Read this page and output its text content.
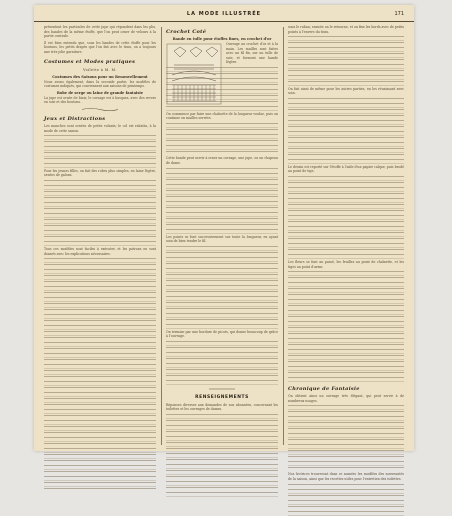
LA MODE ILLUSTRÉE	171

présentent les particules de cette jupe qui répondent dans les plis, des bandes de la même étoffe, que l'on peut orner de velours à la partie centrale.

Il est bien entendu que, sous les bandes de cette étoffe pour les boutons, les petits drapés que l'on fait avec le tissu, on a toujours une très jolie garniture.

Costumes et Modes pratiques
Voilette à M. M.
Costumes des Saisons pour un Renouvellement

Nous avons également, dans la seconde partie, les modèles de costumes indiqués, qui conviennent aux saisons de printemps.

Robe de serge ou laine de grande fantaisie

La jupe est ornée de biais; le corsage est à basques, avec des revers en soie et des boutons.

Jeux et Distractions

Les manches sont ornées de petits volants; le col est rabattu, à la mode de cette saison.

Pour les jeunes filles, on fait des robes plus simples, en laine légère, ornées de galons.

Tous ces modèles sont faciles à exécuter, et les patrons en sont donnés avec les explications nécessaires.

Crochet Coté
Bande en tulle pour étoffes fines, en crochet d'or

Ouvrage au crochet d'or et à la main. Les mailles sont faites avec un fil fin, sur un tulle de soie, et forment une bande légère.

On commence par faire une chaînette de la longueur voulue, puis on continue en mailles serrées.

Cette bande peut servir à orner un corsage, une jupe, ou un chapeau de dame.

Les points se font successivement sur toute la longueur, en ayant soin de bien tendre le fil.

On termine par une bordure de picots, qui donne beaucoup de grâce à l'ouvrage.

RENSEIGNEMENTS

Réponses diverses aux demandes de nos abonnées, concernant les toilettes et les ouvrages de dames.

sous le ruban; ensuite on le retourne, et on fixe les bords avec de petits points à l'envers du tissu.

On fait ainsi de même pour les autres parties, en les réunissant avec soin.

Le dessin est reporté sur l'étoffe à l'aide d'un papier calque, puis brodé au point de tige.

Les fleurs se font au passé, les feuilles au point de chaînette, et les tiges au point d'arme.

Chronique de Fantaisie

On obtient ainsi un ouvrage très élégant, qui peut servir à de nombreux usages.

Nos lectrices trouveront dans ce numéro les modèles des nouveautés de la saison, ainsi que les recettes utiles pour l'entretien des toilettes.
